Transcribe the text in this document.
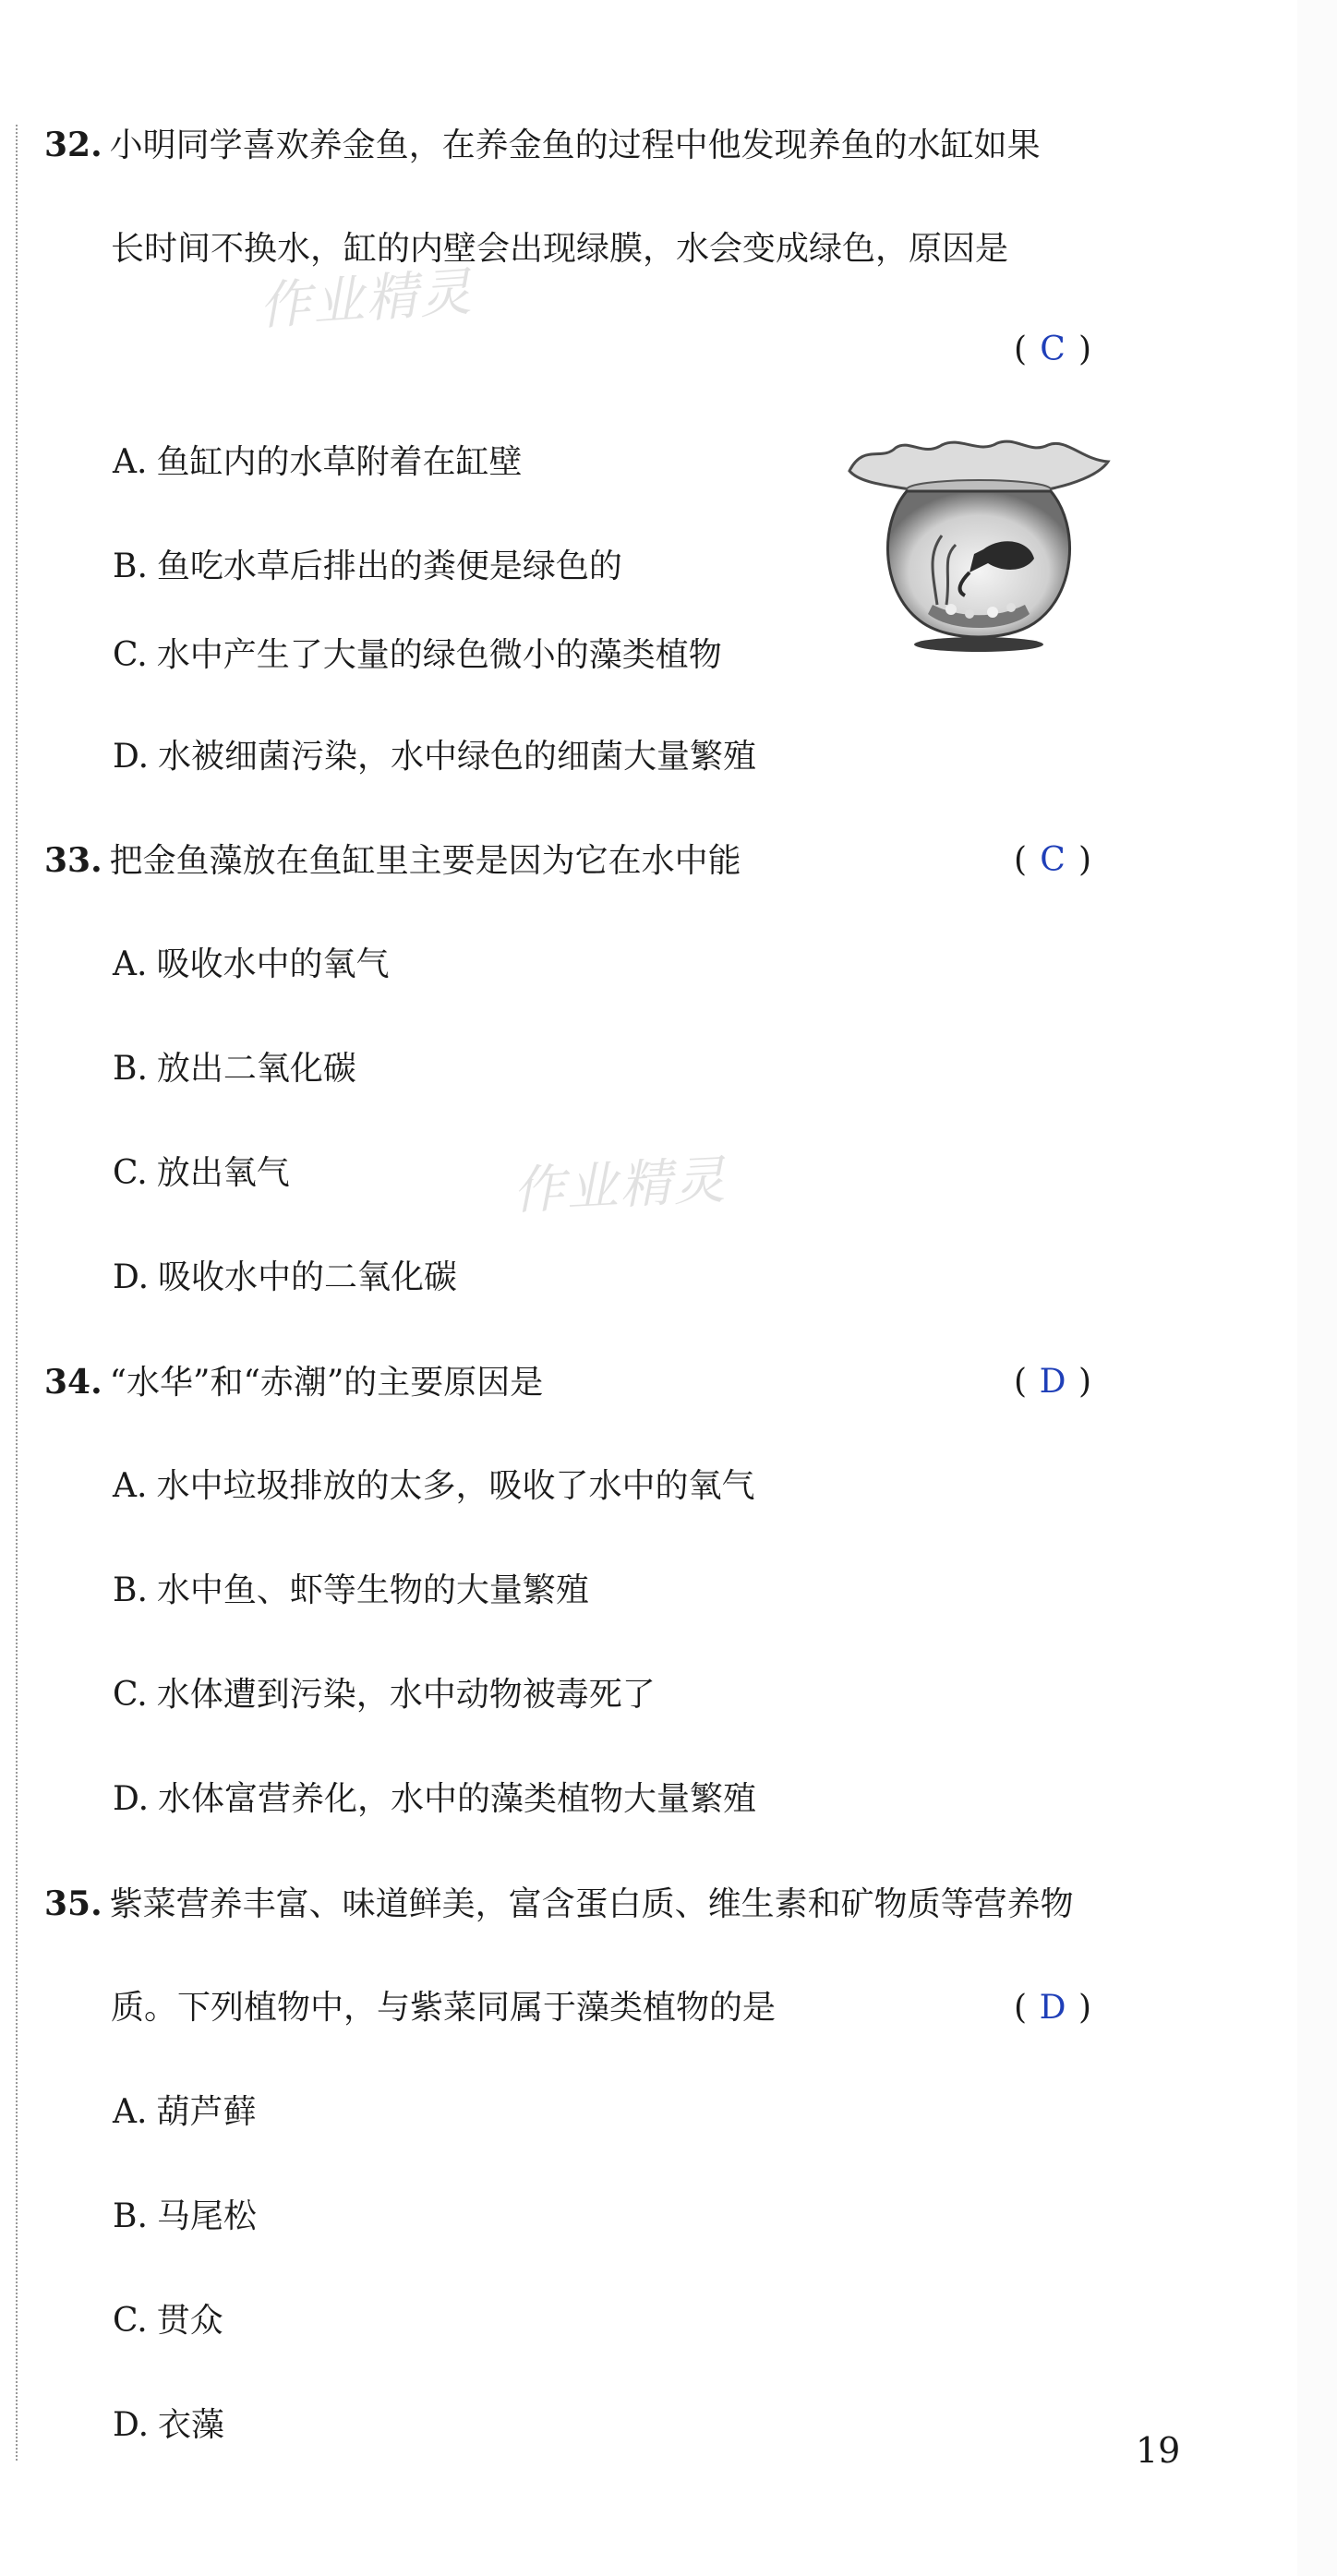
32. 小明同学喜欢养金鱼，在养金鱼的过程中他发现养鱼的水缸如果
长时间不换水，缸的内壁会出现绿膜，水会变成绿色，原因是
( C )
A. 鱼缸内的水草附着在缸壁
B. 鱼吃水草后排出的粪便是绿色的
C. 水中产生了大量的绿色微小的藻类植物
D. 水被细菌污染，水中绿色的细菌大量繁殖
作业精灵
33. 把金鱼藻放在鱼缸里主要是因为它在水中能	( C )
A. 吸收水中的氧气
B. 放出二氧化碳
C. 放出氧气
D. 吸收水中的二氧化碳
作业精灵
34. “水华”和“赤潮”的主要原因是	( D )
A. 水中垃圾排放的太多，吸收了水中的氧气
B. 水中鱼、虾等生物的大量繁殖
C. 水体遭到污染，水中动物被毒死了
D. 水体富营养化，水中的藻类植物大量繁殖
35. 紫菜营养丰富、味道鲜美，富含蛋白质、维生素和矿物质等营养物
质。下列植物中，与紫菜同属于藻类植物的是	( D )
A. 葫芦藓
B. 马尾松
C. 贯众
D. 衣藻
19
